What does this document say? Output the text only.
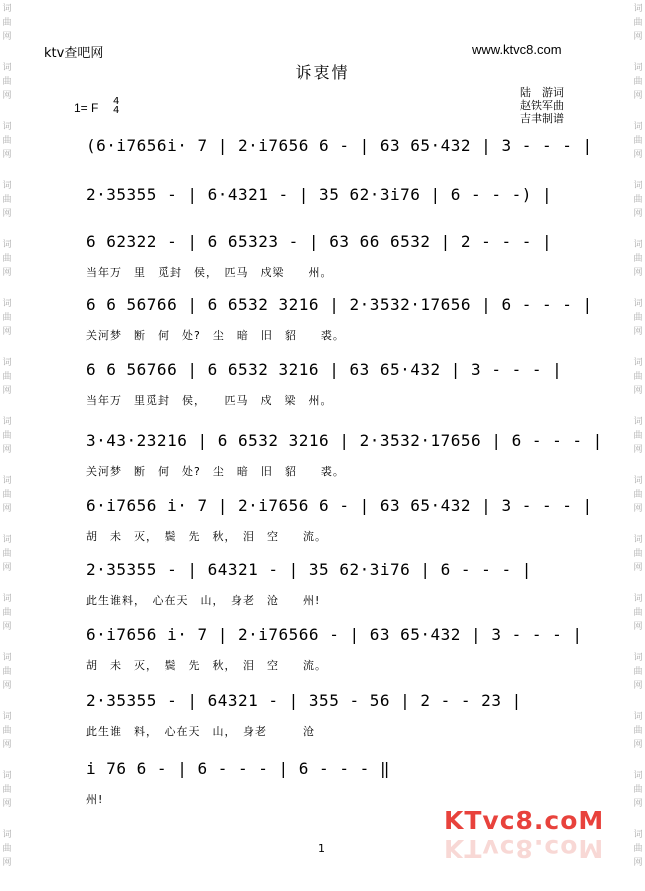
词
曲
网
词
曲
网
词
曲
网
词
曲
网
词
曲
网
词
曲
网
词
曲
网
词
曲
网
词
曲
网
词
曲
网
词
曲
网
词
曲
网
词
曲
网
词
曲
网
词
曲
网
词
曲
网
词
曲
网
词
曲
网
词
曲
网
词
曲
网
词
曲
网
词
曲
网
词
曲
网
词
曲
网
词
曲
网
词
曲
网
词
曲
网
词
曲
网
词
曲
网
词
曲
网
ktv查吧网	www.ktvc8.com
诉衷情
陆　游词
赵铁军曲
吉聿制谱
1= F 4
4
(6·i7656i· 7 | 2·i7656 6 - | 63 65·432 | 3 - - - |
2·35355 - | 6·4321 - | 35 62·3i76 | 6 - - -) |
6 62322 - | 6 65323 - | 63 66 6532 | 2 - - - |
当年万　里　觅封　侯，　匹马　戍梁　　州。
6 6 56766 | 6 6532 3216 | 2·3532·17656 | 6 - - - |
关河梦　断　何　处?　尘　暗　旧　貂　　裘。
6 6 56766 | 6 6532 3216 | 63 65·432 | 3 - - - |
当年万　里觅封　侯，　　匹马　戍　梁　州。
3·43·23216 | 6 6532 3216 | 2·3532·17656 | 6 - - - |
关河梦　断　何　处?　尘　暗　旧　貂　　裘。
6·i7656 i· 7 | 2·i7656 6 - | 63 65·432 | 3 - - - |
胡　未　灭，　鬓　先　秋，　泪　空　　流。
2·35355 - | 64321 - | 35 62·3i76 | 6 - - - |
此生谁料，　心在天　山，　身老　沧　　州!
6·i7656 i· 7 | 2·i76566 - | 63 65·432 | 3 - - - |
胡　未　灭，　鬓　先　秋，　泪　空　　流。
2·35355 - | 64321 - | 355 - 56 | 2 - - 23 |
此生谁　料，　心在天　山，　身老　　　沧
i 76 6 - | 6 - - - | 6 - - - ‖
州!
1
KTvc8.coM
KTvc8.coM
